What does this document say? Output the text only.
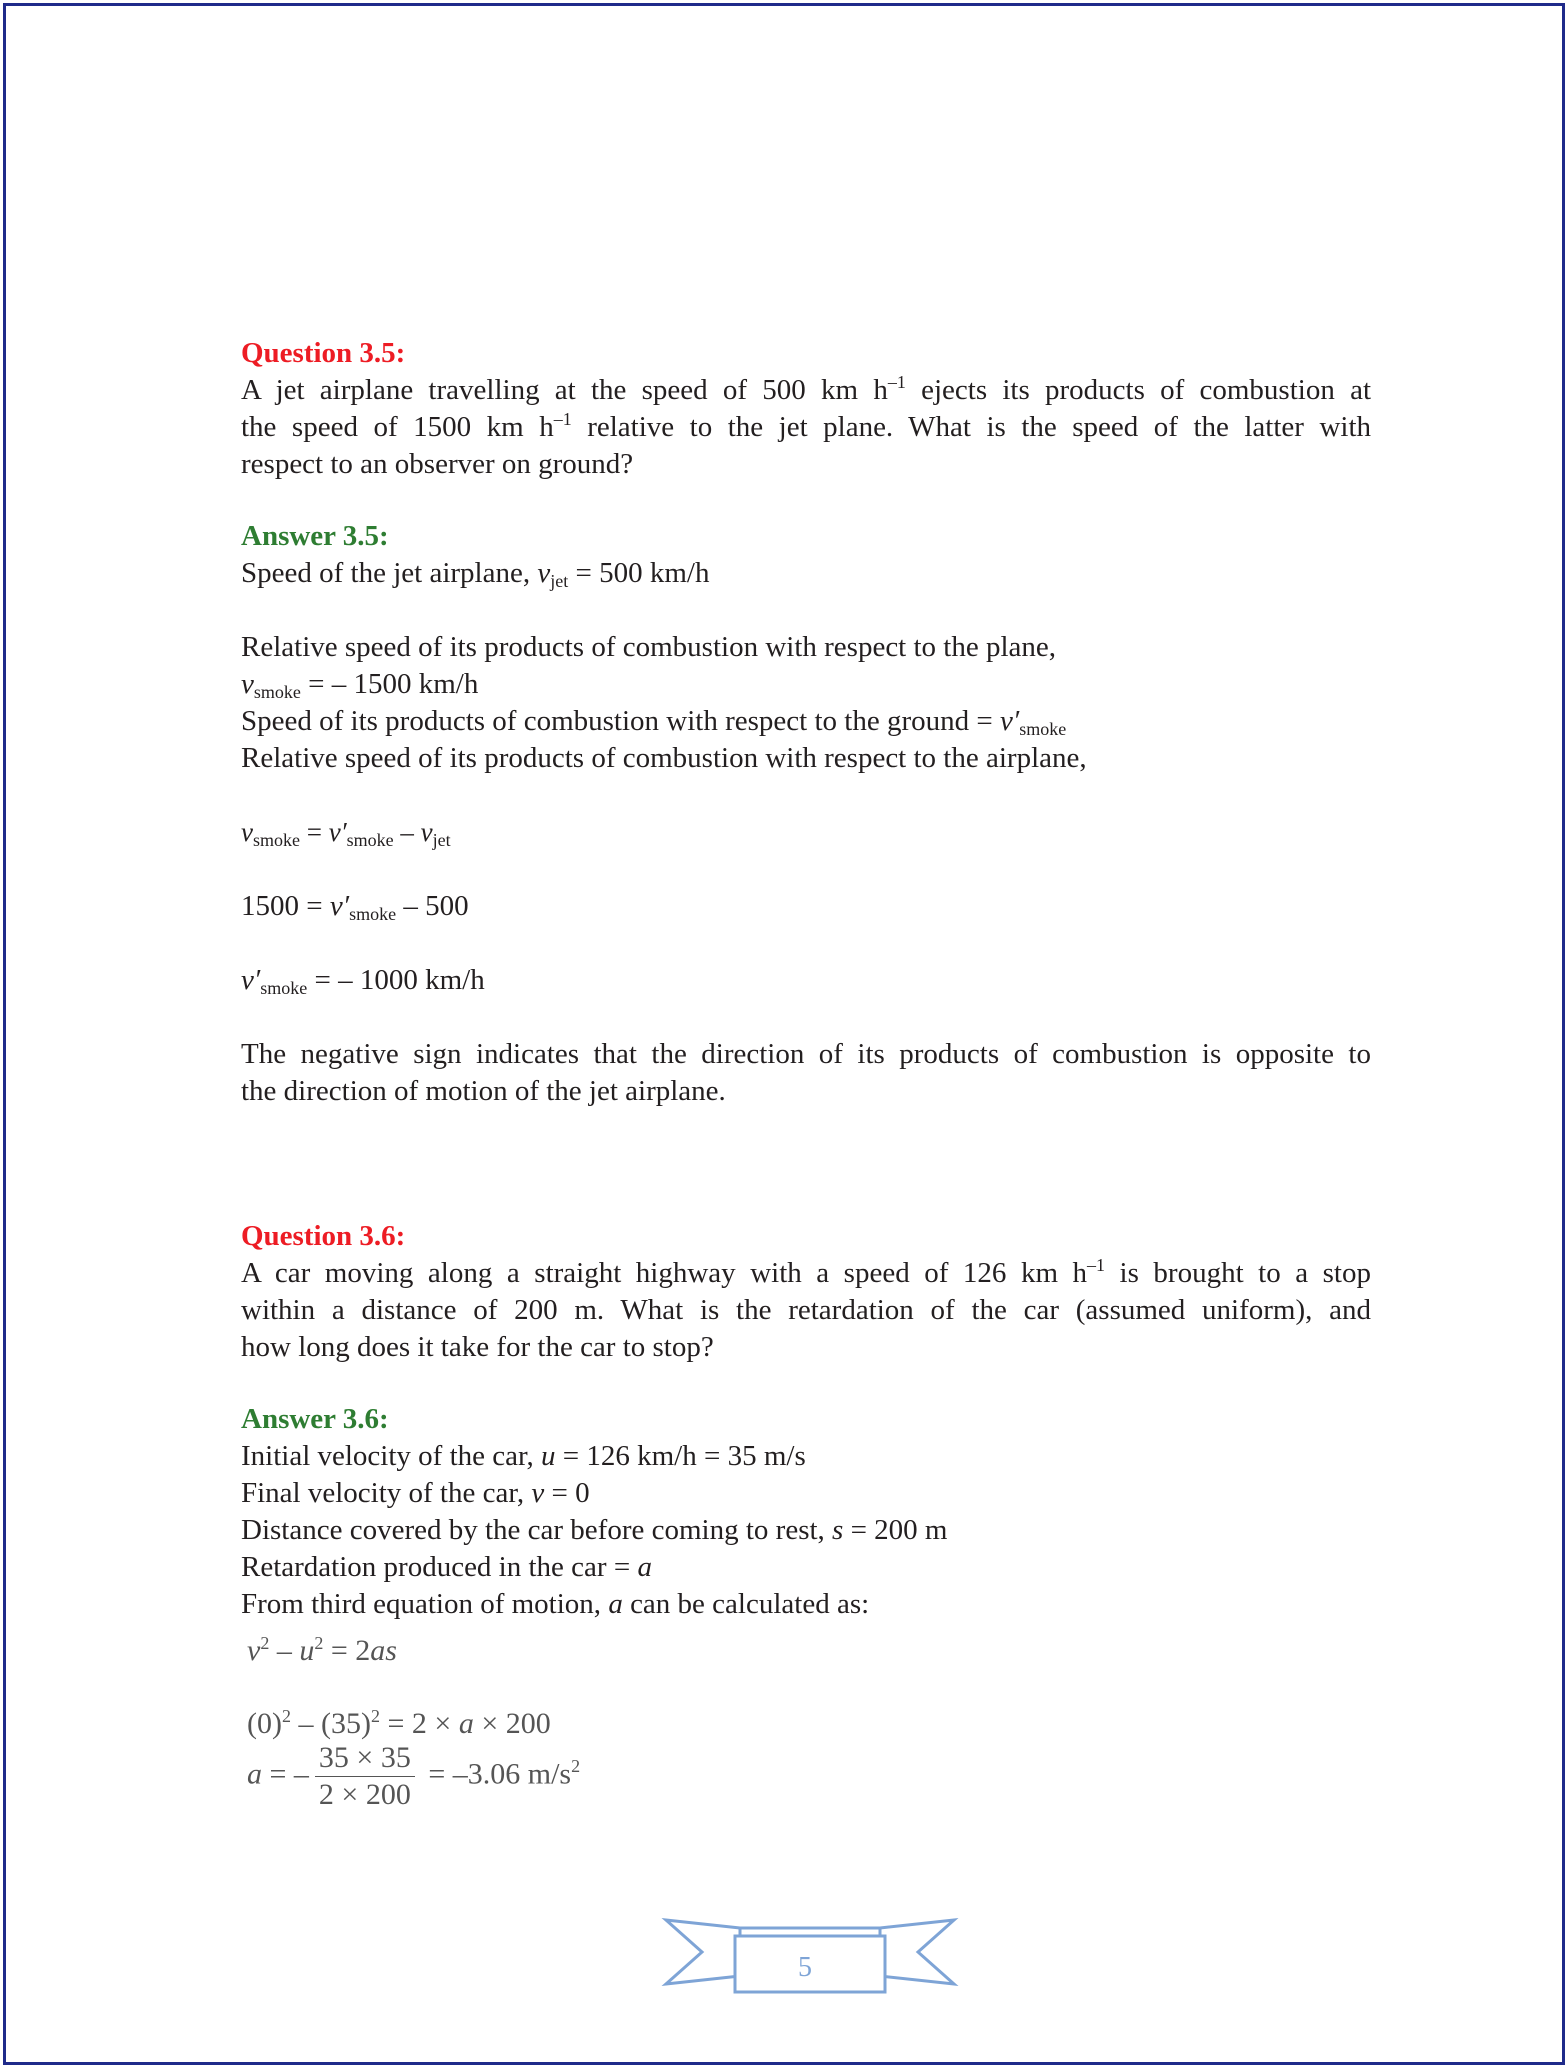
Question 3.5:
A jet airplane travelling at the speed of 500 km $h^{-1}$ ejects its products of combustion at
the speed of 1500 km $h^{-1}$ relative to the jet plane. What is the speed of the latter with
respect to an observer on ground?
Answer 3.5:
Speed of the jet airplane, vjet = 500 km/h
Relative speed of its products of combustion with respect to the plane,
vsmoke = – 1500 km/h
Speed of its products of combustion with respect to the ground = v′smoke
Relative speed of its products of combustion with respect to the airplane,
vsmoke = v′smoke – vjet
1500 = v′smoke – 500
v′smoke = – 1000 km/h
The negative sign indicates that the direction of its products of combustion is opposite to
the direction of motion of the jet airplane.
Question 3.6:
A car moving along a straight highway with a speed of 126 km $h^{-1}$ is brought to a stop
within a distance of 200 m. What is the retardation of the car (assumed uniform), and
how long does it take for the car to stop?
Answer 3.6:
Initial velocity of the car, u = 126 km/h = 35 m/s
Final velocity of the car, v = 0
Distance covered by the car before coming to rest, s = 200 m
Retardation produced in the car = a
From third equation of motion, a can be calculated as:
$v^2 - u^2 = 2as$
$(0)^2 - (35)^2 = 2 \times a \times 200$
a = – $\frac{35 \times 35}{2 \times 200} = -3.06$ $m/s^2$
5
